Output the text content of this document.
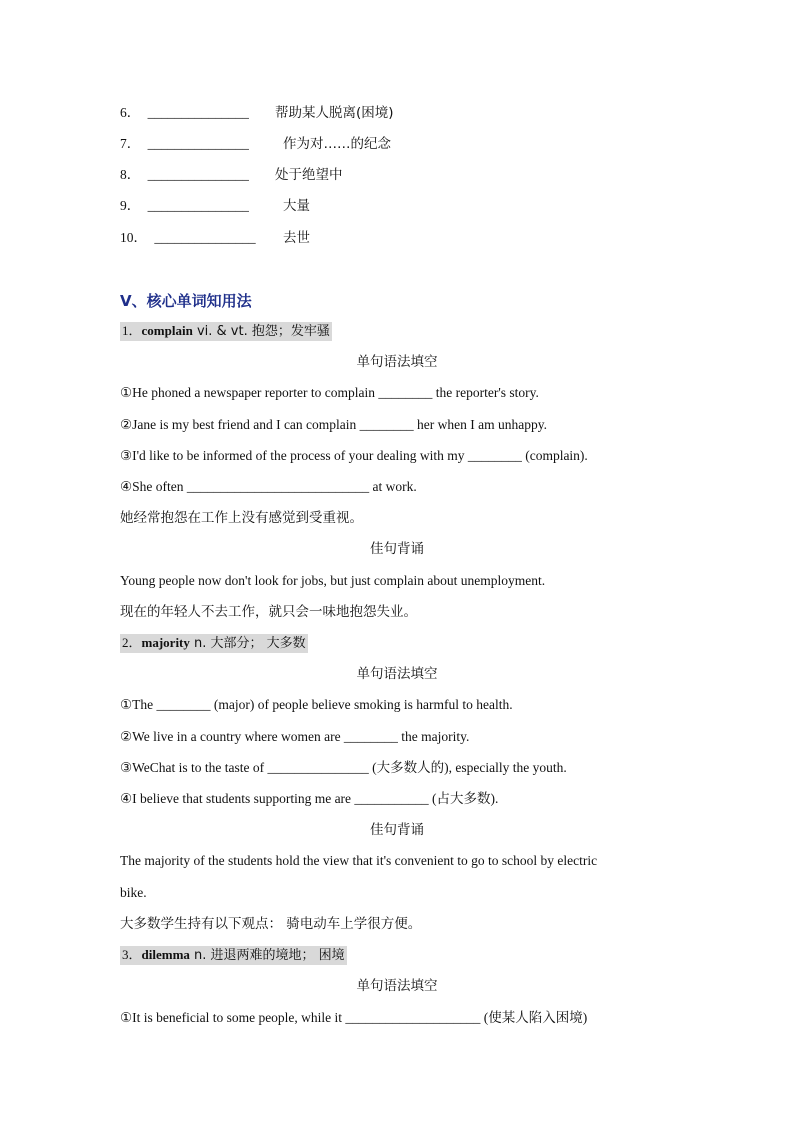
6． _______________ 帮助某人脱离(困境)
7． _______________	作为对……的纪念
8． _______________ 处于绝望中
9． _______________	大量
10． _______________ 去世
Ⅴ、核心单词知用法
1．complain vi. & vt. 抱怨；发牢骚
单句语法填空
①He phoned a newspaper reporter to complain ________ the reporter's story.
②Jane is my best friend and I can complain ________ her when I am unhappy.
③I'd like to be informed of the process of your dealing with my ________ (complain).
④She often ___________________________ at work.
她经常抱怨在工作上没有感觉到受重视。
佳句背诵
Young people now don't look for jobs, but just complain about unemployment.
现在的年轻人不去工作，就只会一味地抱怨失业。
2．majority n. 大部分； 大多数
单句语法填空
①The ________ (major) of people believe smoking is harmful to health.
②We live in a country where women are ________ the majority.
③WeChat is to the taste of _______________ (大多数人的), especially the youth.
④I believe that students supporting me are ___________ (占大多数).
佳句背诵
The majority of the students hold the view that it's convenient to go to school by electric
bike.
大多数学生持有以下观点： 骑电动车上学很方便。
3．dilemma n. 进退两难的境地； 困境
单句语法填空
①It is beneficial to some people, while it ____________________ (使某人陷入困境)
